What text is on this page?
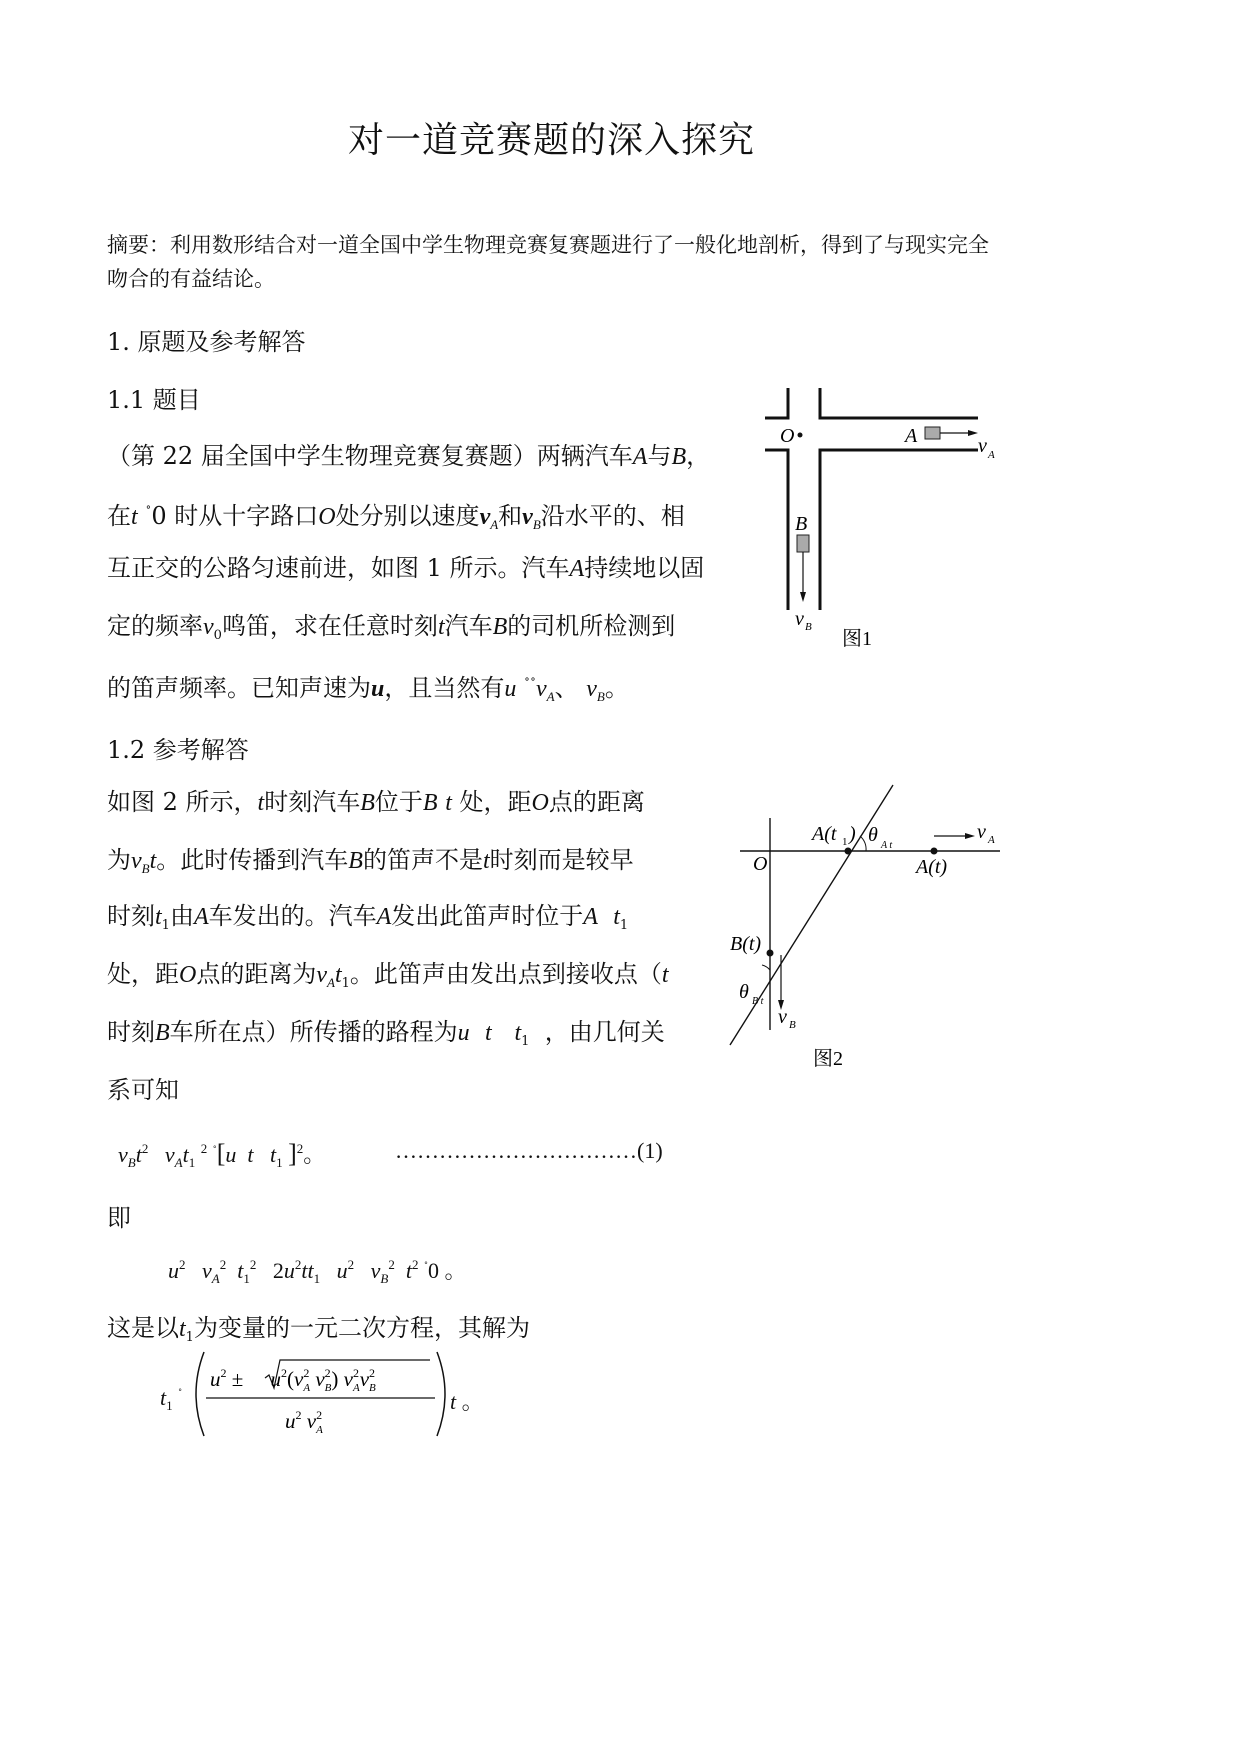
对一道竞赛题的深入探究
摘要：利用数形结合对一道全国中学生物理竞赛复赛题进行了一般化地剖析，得到了与现实完全吻合的有益结论。
1. 原题及参考解答
1.1 题目
（第 22 届全国中学生物理竞赛复赛题）两辆汽车A与B，
在t ˚0 时从十字路口O处分别以速度$v_A$和$v_B$沿水平的、相
互正交的公路匀速前进，如图 1 所示。汽车A持续地以固
定的频率$v_0$鸣笛，求在任意时刻t汽车B的司机所检测到
的笛声频率。已知声速为u，且当然有u $^{˚˚}v_A$、 $v_B$。
O	A	v A
B
v B
图1
1.2 参考解答
如图 2 所示，t时刻汽车B位于B t 处，距O点的距离
为$v_Bt$。此时传播到汽车B的笛声不是t时刻而是较早
时刻$t_1$由A车发出的。汽车A发出此笛声时位于A $t_1$
处，距O点的距离为$v_At_1$。此笛声由发出点到接收点（t
时刻B车所在点）所传播的路程为u t $t_1$ ，由几何关
系可知
O
A(t 1 ) θ A t
A(t)
B(t)
θ B t
v A
v B
图2
$v_Bt^2$ $v_At_1$ $^2$ ˚[u t $t_1$ ]$^2$。	……………………………(1)
即
$u^2$ $v_A^2$ $t_1^2$ $2u^2tt_1$ $u^2$ $v_B^2$ $t^2$ ˚0 。
这是以$t_1$为变量的一元二次方程，其解为
$t_1$ ˚
$u^2 \pm u^2(v^2$ A $v^2$ B) $v^2$ Av$^2$ B
$u^2$ $v^2$ A
t 。
